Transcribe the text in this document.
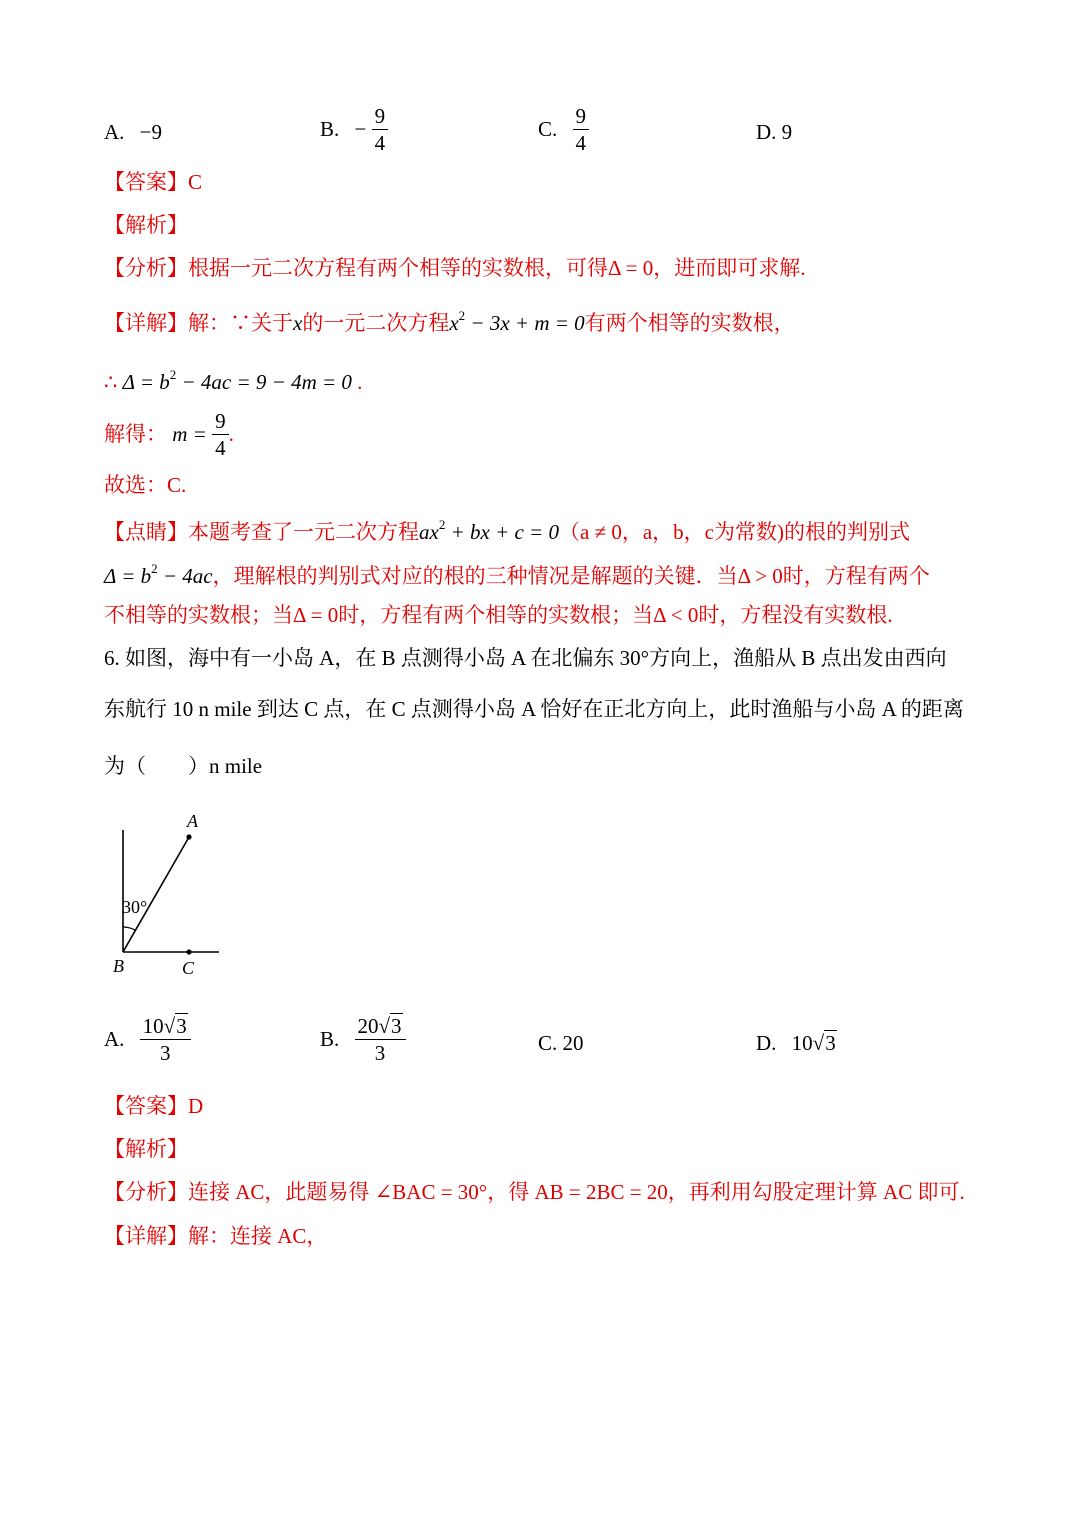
A. −9	B. − $\frac{9}{4}$	C. $\frac{9}{4}$	D. 9
【答案】C
【解析】
【分析】根据一元二次方程有两个相等的实数根，可得Δ = 0，进而即可求解.
【详解】解：∵关于x的一元二次方程$x^2 - 3x + m = 0$有两个相等的实数根，
∴ $\Delta = b^2 - 4ac = 9 - 4m = 0$ .
解得： $m = \frac{9}{4}$ .
故选：C.
【点睛】本题考查了一元二次方程$ax^2$ + bx + c = 0（a ≠ 0，a，b，c为常数)的根的判别式
$\Delta = b^2 - 4ac$，理解根的判别式对应的根的三种情况是解题的关键．当Δ > 0时，方程有两个
不相等的实数根；当Δ = 0时，方程有两个相等的实数根；当Δ < 0时，方程没有实数根.
6. 如图，海中有一小岛 A，在 B 点测得小岛 A 在北偏东 30°方向上，渔船从 B 点出发由西向
东航行 10 n mile 到达 C 点，在 C 点测得小岛 A 恰好在正北方向上，此时渔船与小岛 A 的距离
为（　　）n mile
A
B	C
30°
A. $\frac{10√3}{3}$	B. $\frac{20√3}{3}$	C. 20	D. 10√3
【答案】D
【解析】
【分析】连接 AC，此题易得 ∠BAC = 30°，得 AB = 2BC = 20，再利用勾股定理计算 AC 即可.
【详解】解：连接 AC，
